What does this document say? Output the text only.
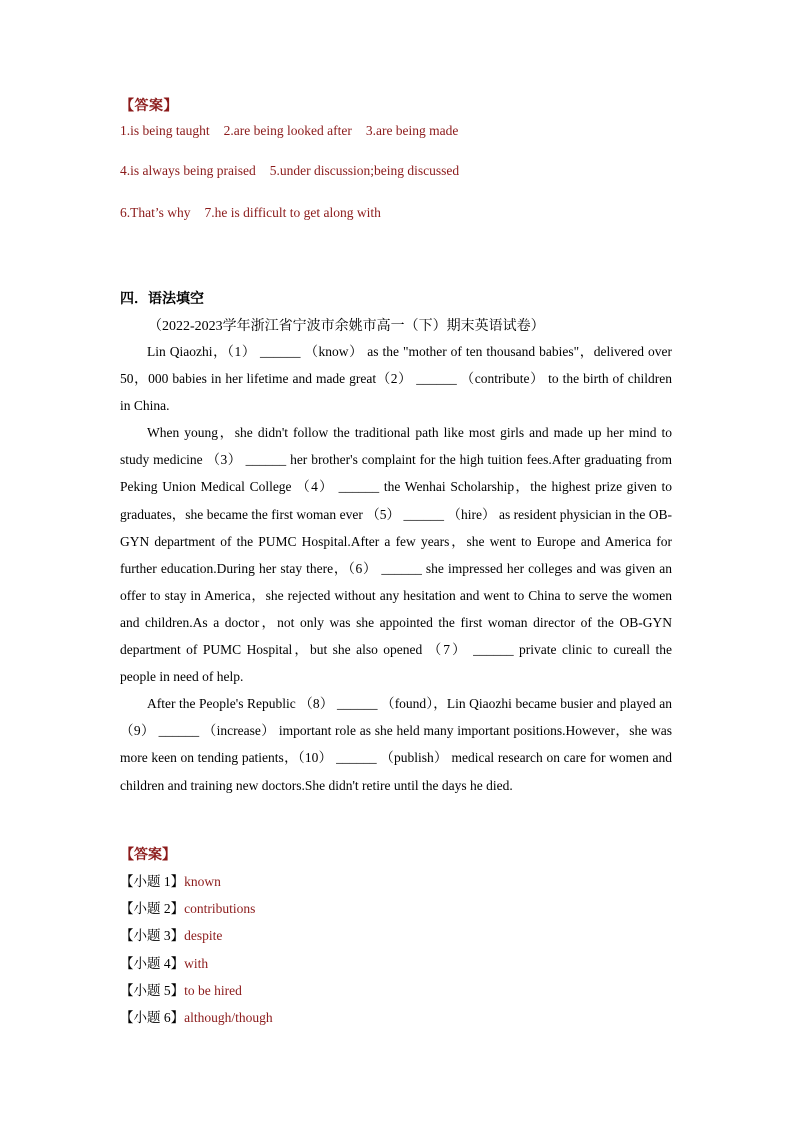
【答案】
1.is being taught 2.are being looked after 3.are being made
4.is always being praised 5.under discussion;being discussed
6.That’s why 7.he is difficult to get along with
四．语法填空
（2022-2023学年浙江省宁波市余姚市高一（下）期末英语试卷）

Lin Qiaozhi，（1） ______ （know） as the "mother of ten thousand babies"，delivered over 50，000 babies in her lifetime and made great（2） ______ （contribute） to the birth of children in China.

When young，she didn't follow the traditional path like most girls and made up her mind to study medicine （3） ______ her brother's complaint for the high tuition fees.After graduating from Peking Union Medical College （4） ______ the Wenhai Scholarship，the highest prize given to graduates，she became the first woman ever （5） ______ （hire） as resident physician in the OB-GYN department of the PUMC Hospital.After a few years，she went to Europe and America for further education.During her stay there，（6） ______ she impressed her colleges and was given an offer to stay in America，she rejected without any hesitation and went to China to serve the women and children.As a doctor，not only was she appointed the first woman director of the OB-GYN department of PUMC Hospital，but she also opened （7） ______ private clinic to cureall the people in need of help.

After the People's Republic （8） ______ （found），Lin Qiaozhi became busier and played an （9） ______ （increase） important role as she held many important positions.However，she was more keen on tending patients，（10） ______ （publish） medical research on care for women and children and training new doctors.She didn't retire until the days he died.

【答案】
【小题 1】known
【小题 2】contributions
【小题 3】despite
【小题 4】with
【小题 5】to be hired
【小题 6】although/though
